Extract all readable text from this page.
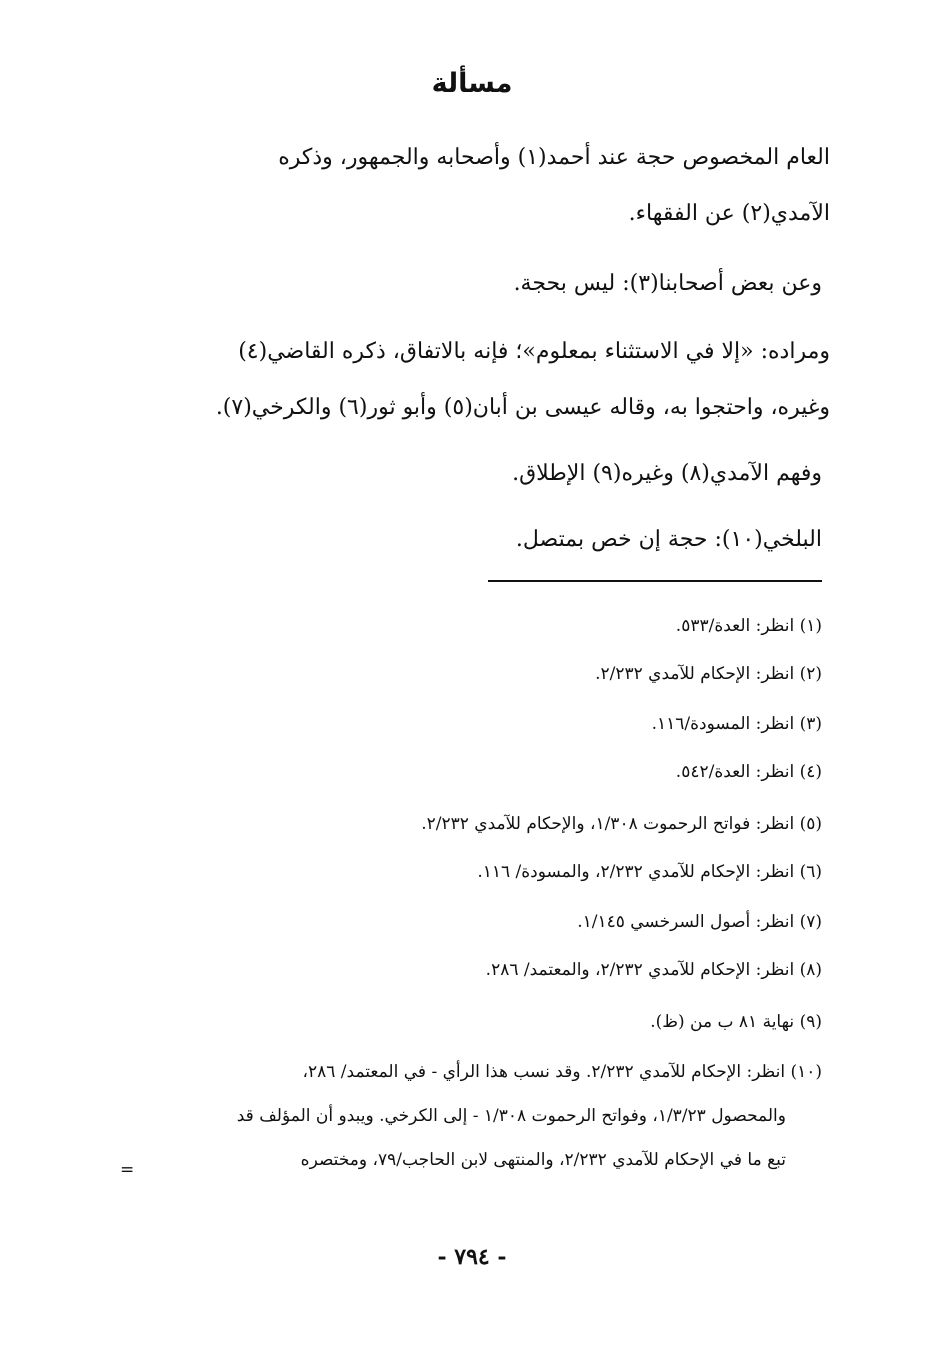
مسألة
العام المخصوص حجة عند أحمد(١) وأصحابه والجمهور، وذكره
الآمدي(٢) عن الفقهاء.
وعن بعض أصحابنا(٣): ليس بحجة.
ومراده: «إلا في الاستثناء بمعلوم»؛ فإنه بالاتفاق، ذكره القاضي(٤)
وغيره، واحتجوا به، وقاله عيسى بن أبان(٥) وأبو ثور(٦) والكرخي(٧).
وفهم الآمدي(٨) وغيره(٩) الإطلاق.
البلخي(١٠): حجة إن خص بمتصل.
(١) انظر: العدة/٥٣٣.
(٢) انظر: الإحكام للآمدي ٢/٢٣٢.
(٣) انظر: المسودة/١١٦.
(٤) انظر: العدة/٥٤٢.
(٥) انظر: فواتح الرحموت ١/٣٠٨، والإحكام للآمدي ٢/٢٣٢.
(٦) انظر: الإحكام للآمدي ٢/٢٣٢، والمسودة/ ١١٦.
(٧) انظر: أصول السرخسي ١/١٤٥.
(٨) انظر: الإحكام للآمدي ٢/٢٣٢، والمعتمد/ ٢٨٦.
(٩) نهاية ٨١ ب من (ظ).
(١٠) انظر: الإحكام للآمدي ٢/٢٣٢. وقد نسب هذا الرأي - في المعتمد/ ٢٨٦،
والمحصول ١/٣/٢٣، وفواتح الرحموت ١/٣٠٨ - إلى الكرخي. ويبدو أن المؤلف قد
تبع ما في الإحكام للآمدي ٢/٢٣٢، والمنتهى لابن الحاجب/٧٩، ومختصره
=
- ٧٩٤ -
